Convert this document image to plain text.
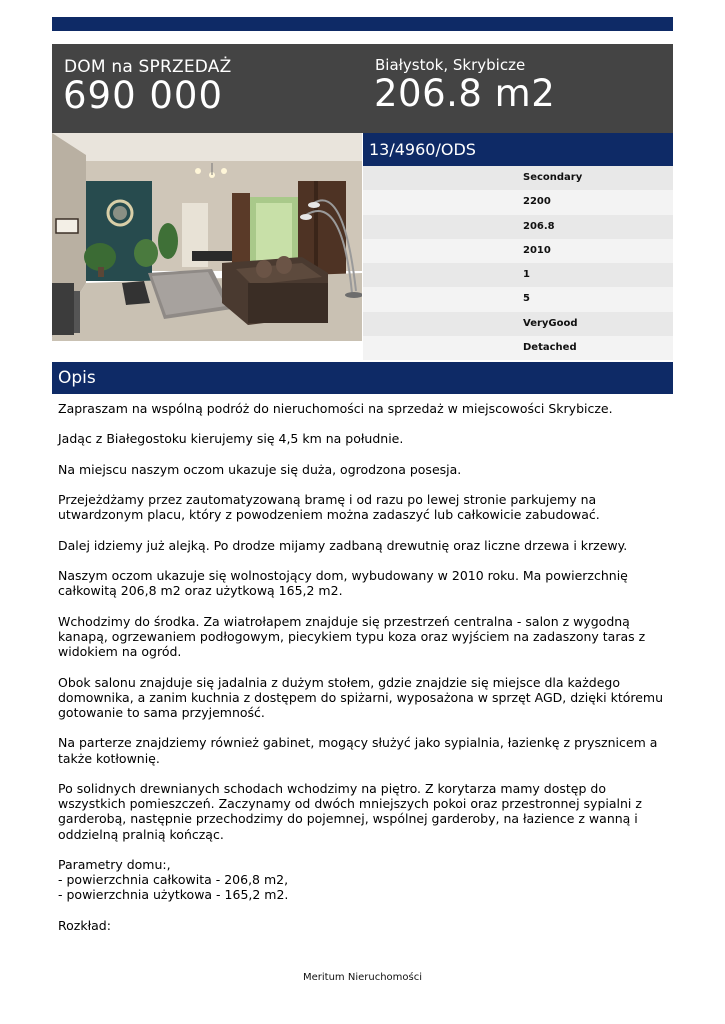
DOM na SPRZEDAŻ
690 000
Białystok, Skrybicze
206.8 m2
13/4960/ODS
Secondary
2200
206.8
2010
1
5
VeryGood
Detached
Opis

Zapraszam na wspólną podróż do nieruchomości na sprzedaż w miejscowości Skrybicze.

Jadąc z Białegostoku kierujemy się 4,5 km na południe.

Na miejscu naszym oczom ukazuje się duża, ogrodzona posesja.

Przejeżdżamy przez zautomatyzowaną bramę i od razu po lewej stronie parkujemy na utwardzonym placu, który z powodzeniem można zadaszyć lub całkowicie zabudować.

Dalej idziemy już alejką. Po drodze mijamy zadbaną drewutnię oraz liczne drzewa i krzewy.

Naszym oczom ukazuje się wolnostojący dom, wybudowany w 2010 roku. Ma powierzchnię całkowitą 206,8 m2 oraz użytkową 165,2 m2.

Wchodzimy do środka. Za wiatrołapem znajduje się przestrzeń centralna - salon z wygodną kanapą, ogrzewaniem podłogowym, piecykiem typu koza oraz wyjściem na zadaszony taras z widokiem na ogród.

Obok salonu znajduje się jadalnia z dużym stołem, gdzie znajdzie się miejsce dla każdego domownika, a zanim kuchnia z dostępem do spiżarni, wyposażona w sprzęt AGD, dzięki któremu gotowanie to sama przyjemność.

Na parterze znajdziemy również gabinet, mogący służyć jako sypialnia, łazienkę z prysznicem a także kotłownię.

Po solidnych drewnianych schodach wchodzimy na piętro. Z korytarza mamy dostęp do wszystkich pomieszczeń. Zaczynamy od dwóch mniejszych pokoi oraz przestronnej sypialni z garderobą, następnie przechodzimy do pojemnej, wspólnej garderoby, na łazience z wanną i oddzielną pralnią kończąc.

Parametry domu:,
- powierzchnia całkowita - 206,8 m2,
- powierzchnia użytkowa - 165,2 m2.

Rozkład:

Meritum Nieruchomości
